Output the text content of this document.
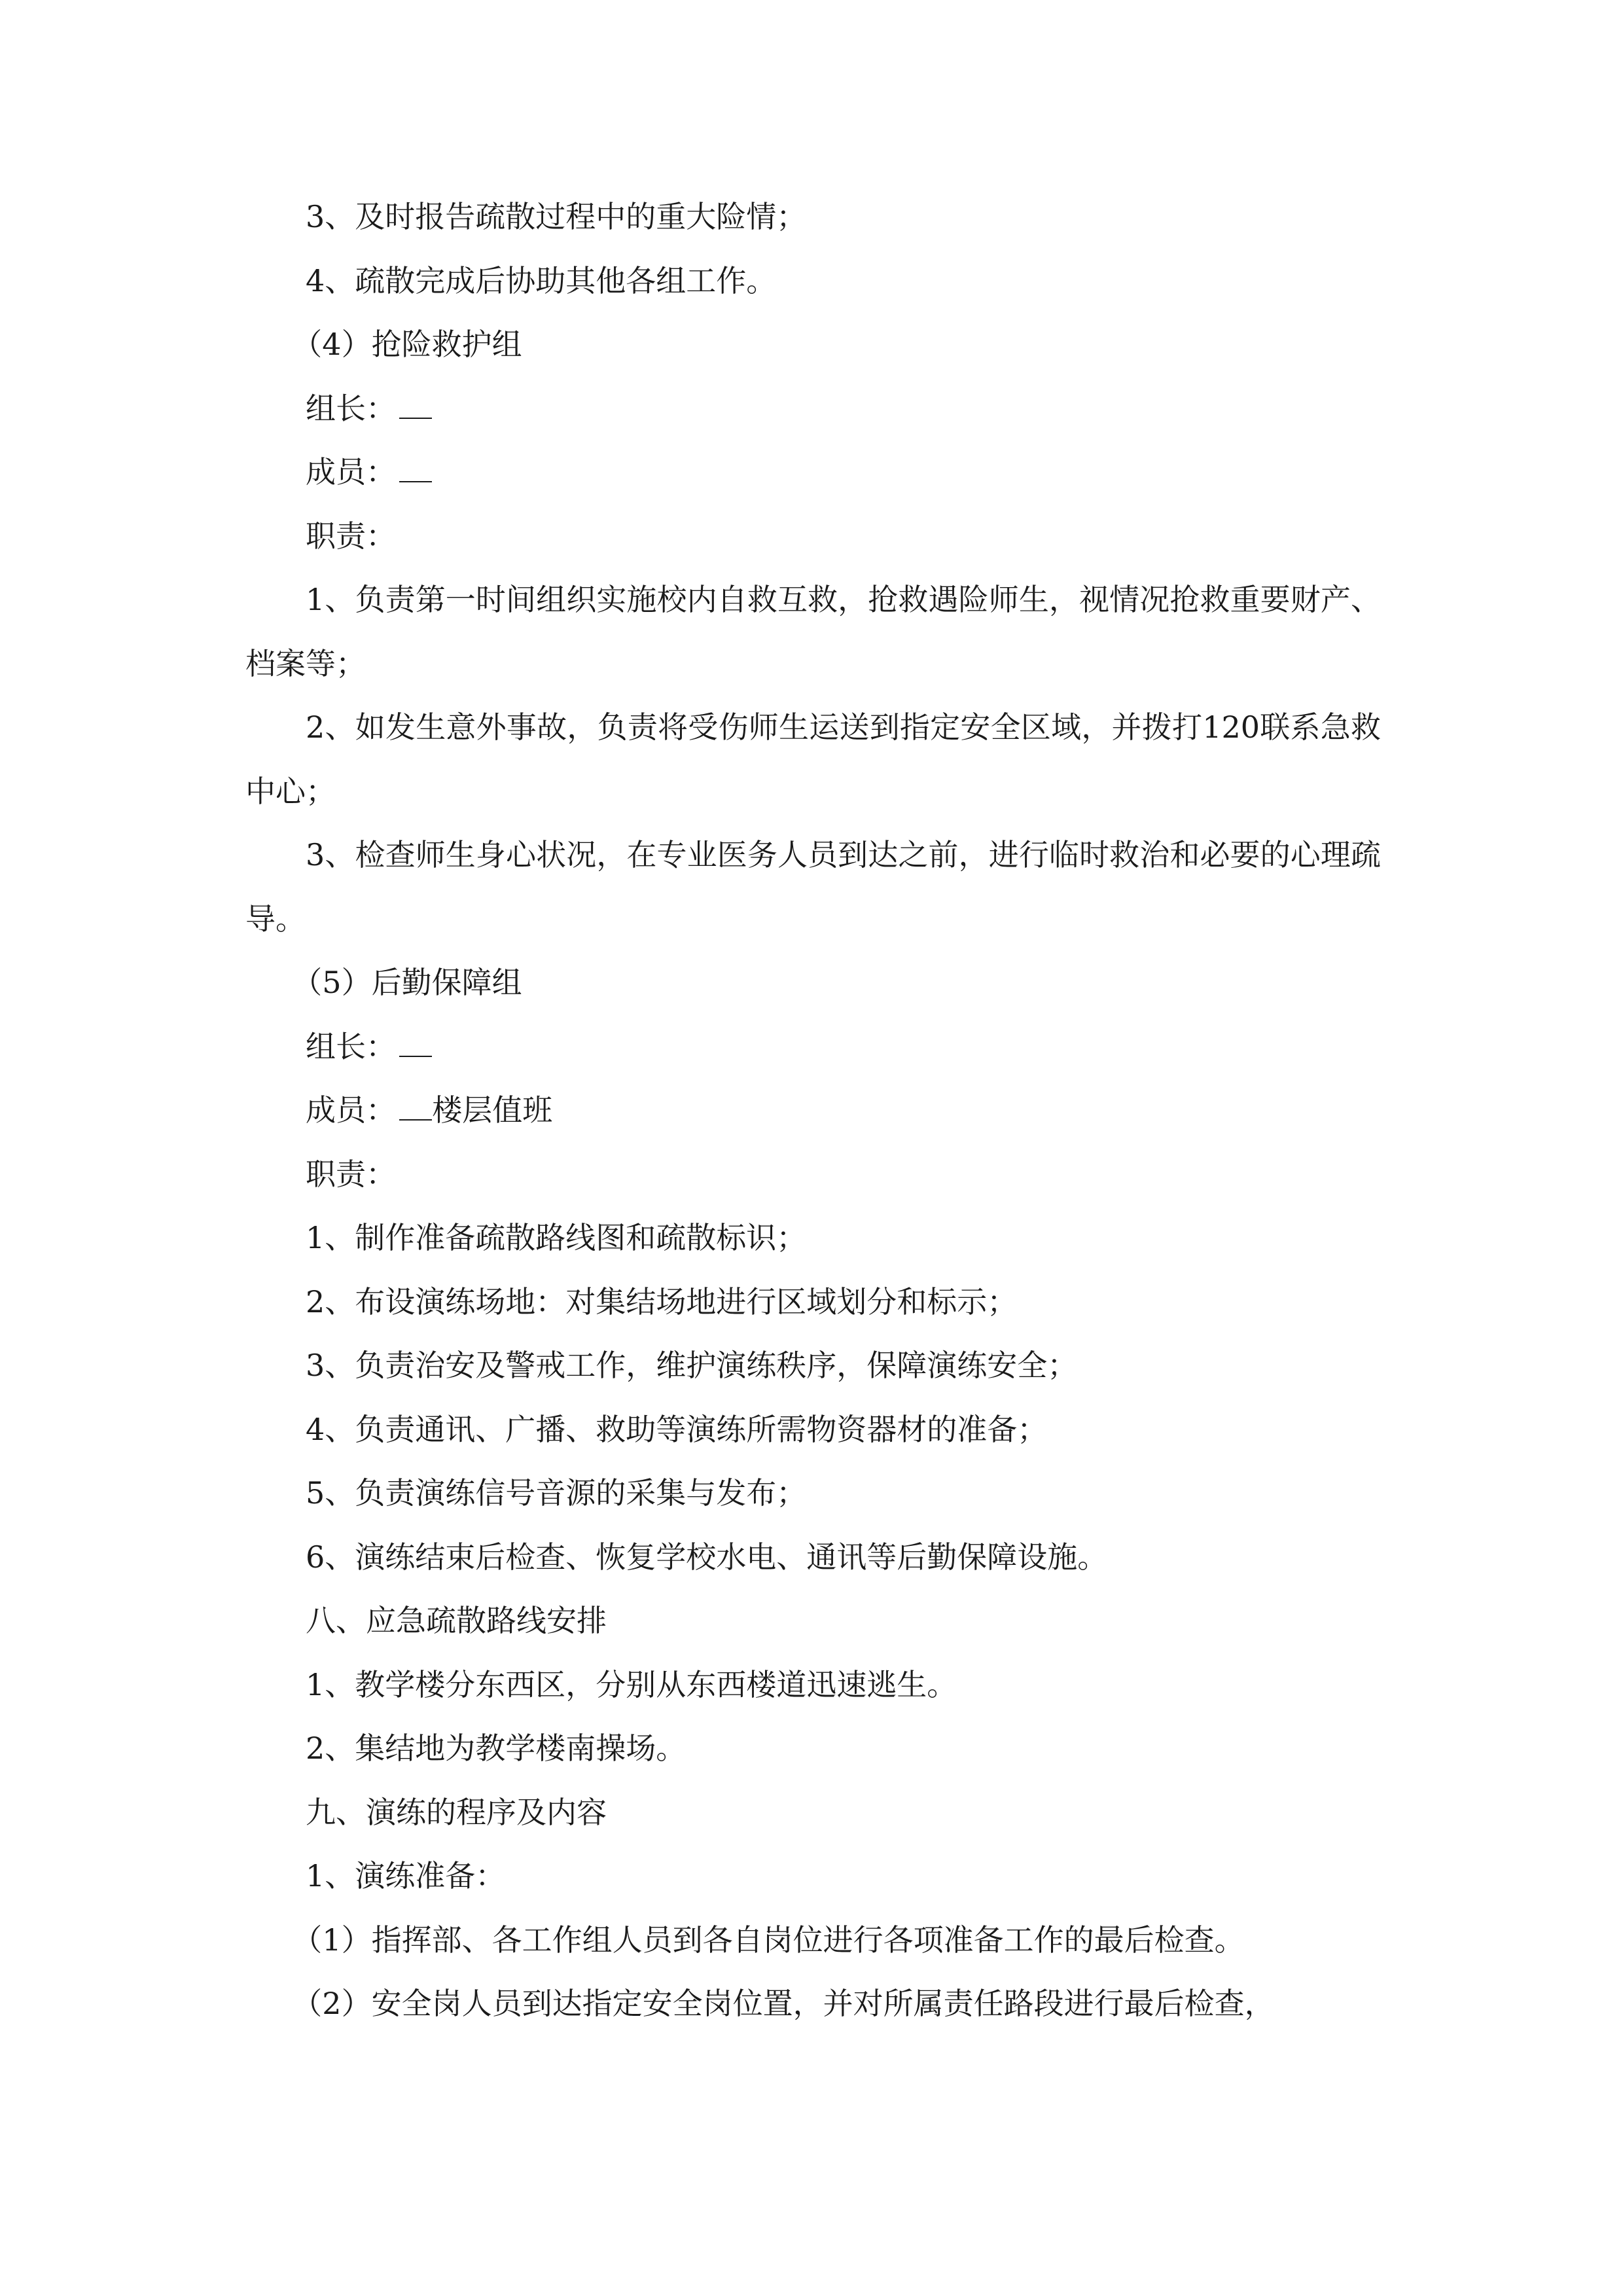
3、及时报告疏散过程中的重大险情；

4、疏散完成后协助其他各组工作。

（4）抢险救护组

组长：

成员：

职责：

1、负责第一时间组织实施校内自救互救，抢救遇险师生，视情况抢救重要财产、档案等；

2、如发生意外事故，负责将受伤师生运送到指定安全区域，并拨打120联系急救中心；

3、检查师生身心状况，在专业医务人员到达之前，进行临时救治和必要的心理疏导。

（5）后勤保障组

组长：

成员： 楼层值班

职责：

1、制作准备疏散路线图和疏散标识；

2、布设演练场地：对集结场地进行区域划分和标示；

3、负责治安及警戒工作，维护演练秩序，保障演练安全；

4、负责通讯、广播、救助等演练所需物资器材的准备；

5、负责演练信号音源的采集与发布；

6、演练结束后检查、恢复学校水电、通讯等后勤保障设施。

八、应急疏散路线安排

1、教学楼分东西区，分别从东西楼道迅速逃生。

2、集结地为教学楼南操场。

九、演练的程序及内容

1、演练准备：

（1）指挥部、各工作组人员到各自岗位进行各项准备工作的最后检查。

（2）安全岗人员到达指定安全岗位置，并对所属责任路段进行最后检查，
